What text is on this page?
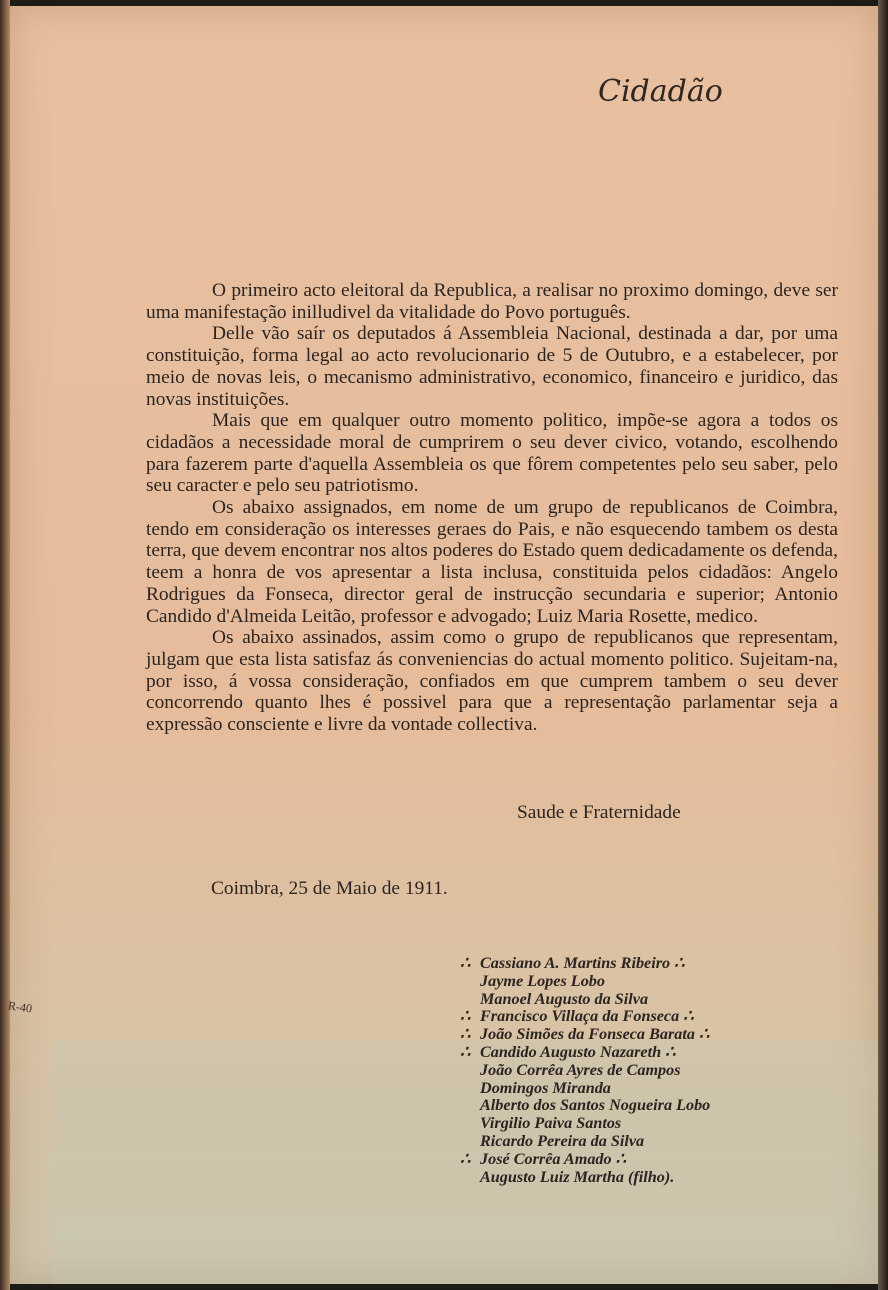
Cidadão

O primeiro acto eleitoral da Republica, a realisar no proximo domingo, deve ser uma manifestação inilludivel da vitalidade do Povo português.

Delle vão saír os deputados á Assembleia Nacional, destinada a dar, por uma constituição, forma legal ao acto revolucionario de 5 de Outubro, e a estabelecer, por meio de novas leis, o mecanismo administrativo, economico, financeiro e juridico, das novas instituições.

Mais que em qualquer outro momento politico, impõe-se agora a todos os cidadãos a necessidade moral de cumprirem o seu dever civico, votando, escolhendo para fazerem parte d'aquella Assembleia os que fôrem competentes pelo seu saber, pelo seu caracter e pelo seu patriotismo.

Os abaixo assignados, em nome de um grupo de republicanos de Coimbra, tendo em consideração os interesses geraes do Pais, e não esquecendo tambem os desta terra, que devem encontrar nos altos poderes do Estado quem dedicadamente os defenda, teem a honra de vos apresentar a lista inclusa, constituida pelos cidadãos: Angelo Rodrigues da Fonseca, director geral de instrucção secundaria e superior; Antonio Candido d'Almeida Leitão, professor e advogado; Luiz Maria Rosette, medico.

Os abaixo assinados, assim como o grupo de republicanos que representam, julgam que esta lista satisfaz ás conveniencias do actual momento politico. Sujeitam-na, por isso, á vossa consideração, confiados em que cumprem tambem o seu dever concorrendo quanto lhes é possivel para que a representação parlamentar seja a expressão consciente e livre da vontade collectiva.

Saude e Fraternidade
Coimbra, 25 de Maio de 1911.
∴ Cassiano A. Martins Ribeiro ∴
Jayme Lopes Lobo
Manoel Augusto da Silva
∴ Francisco Villaça da Fonseca ∴
∴ João Simões da Fonseca Barata ∴
∴ Candido Augusto Nazareth ∴
João Corrêa Ayres de Campos
Domingos Miranda
Alberto dos Santos Nogueira Lobo
Virgilio Paiva Santos
Ricardo Pereira da Silva
∴ José Corrêa Amado ∴
Augusto Luiz Martha (filho).
R-40
